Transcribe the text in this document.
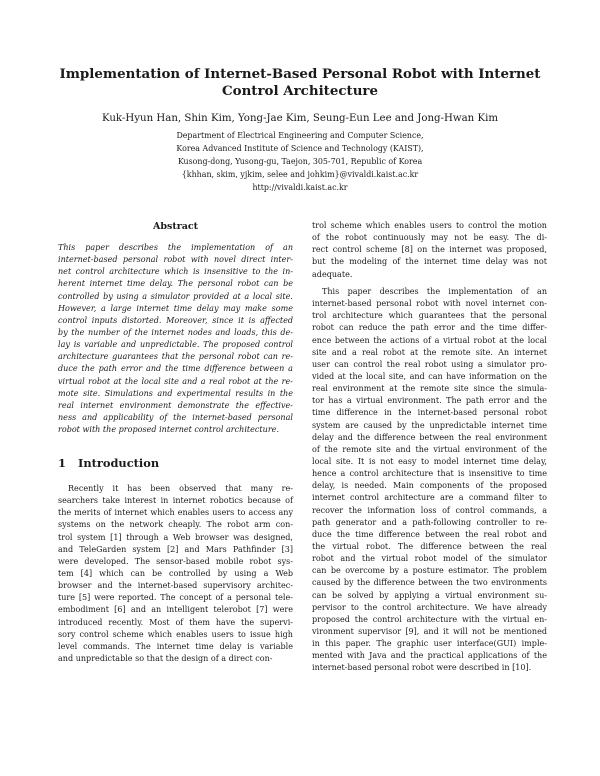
Implementation of Internet-Based Personal Robot with Internet
Control Architecture
Kuk-Hyun Han, Shin Kim, Yong-Jae Kim, Seung-Eun Lee and Jong-Hwan Kim
Department of Electrical Engineering and Computer Science,
Korea Advanced Institute of Science and Technology (KAIST),
Kusong-dong, Yusong-gu, Taejon, 305-701, Republic of Korea
{khhan, skim, yjkim, selee and johkim}@vivaldi.kaist.ac.kr
http://vivaldi.kaist.ac.kr
Abstract
This paper describes the implementation of an
internet-based personal robot with novel direct inter-
net control architecture which is insensitive to the in-
herent internet time delay. The personal robot can be
controlled by using a simulator provided at a local site.
However, a large internet time delay may make some
control inputs distorted. Moreover, since it is affected
by the number of the internet nodes and loads, this de-
lay is variable and unpredictable. The proposed control
architecture guarantees that the personal robot can re-
duce the path error and the time difference between a
virtual robot at the local site and a real robot at the re-
mote site. Simulations and experimental results in the
real internet environment demonstrate the effective-
ness and applicability of the internet-based personal
robot with the proposed internet control architecture.
1 Introduction
Recently it has been observed that many re-
searchers take interest in internet robotics because of
the merits of internet which enables users to access any
systems on the network cheaply. The robot arm con-
trol system [1] through a Web browser was designed,
and TeleGarden system [2] and Mars Pathfinder [3]
were developed. The sensor-based mobile robot sys-
tem [4] which can be controlled by using a Web
browser and the internet-based supervisory architec-
ture [5] were reported. The concept of a personal tele-
embodiment [6] and an intelligent telerobot [7] were
introduced recently. Most of them have the supervi-
sory control scheme which enables users to issue high
level commands. The internet time delay is variable
and unpredictable so that the design of a direct con-
trol scheme which enables users to control the motion
of the robot continuously may not be easy. The di-
rect control scheme [8] on the internet was proposed,
but the modeling of the internet time delay was not
adequate.
This paper describes the implementation of an
internet-based personal robot with novel internet con-
trol architecture which guarantees that the personal
robot can reduce the path error and the time differ-
ence between the actions of a virtual robot at the local
site and a real robot at the remote site. An internet
user can control the real robot using a simulator pro-
vided at the local site, and can have information on the
real environment at the remote site since the simula-
tor has a virtual environment. The path error and the
time difference in the internet-based personal robot
system are caused by the unpredictable internet time
delay and the difference between the real environment
of the remote site and the virtual environment of the
local site. It is not easy to model internet time delay,
hence a control architecture that is insensitive to time
delay, is needed. Main components of the proposed
internet control architecture are a command filter to
recover the information loss of control commands, a
path generator and a path-following controller to re-
duce the time difference between the real robot and
the virtual robot. The difference between the real
robot and the virtual robot model of the simulator
can be overcome by a posture estimator. The problem
caused by the difference between the two environments
can be solved by applying a virtual environment su-
pervisor to the control architecture. We have already
proposed the control architecture with the virtual en-
vironment supervisor [9], and it will not be mentioned
in this paper. The graphic user interface(GUI) imple-
mented with Java and the practical applications of the
internet-based personal robot were described in [10].
